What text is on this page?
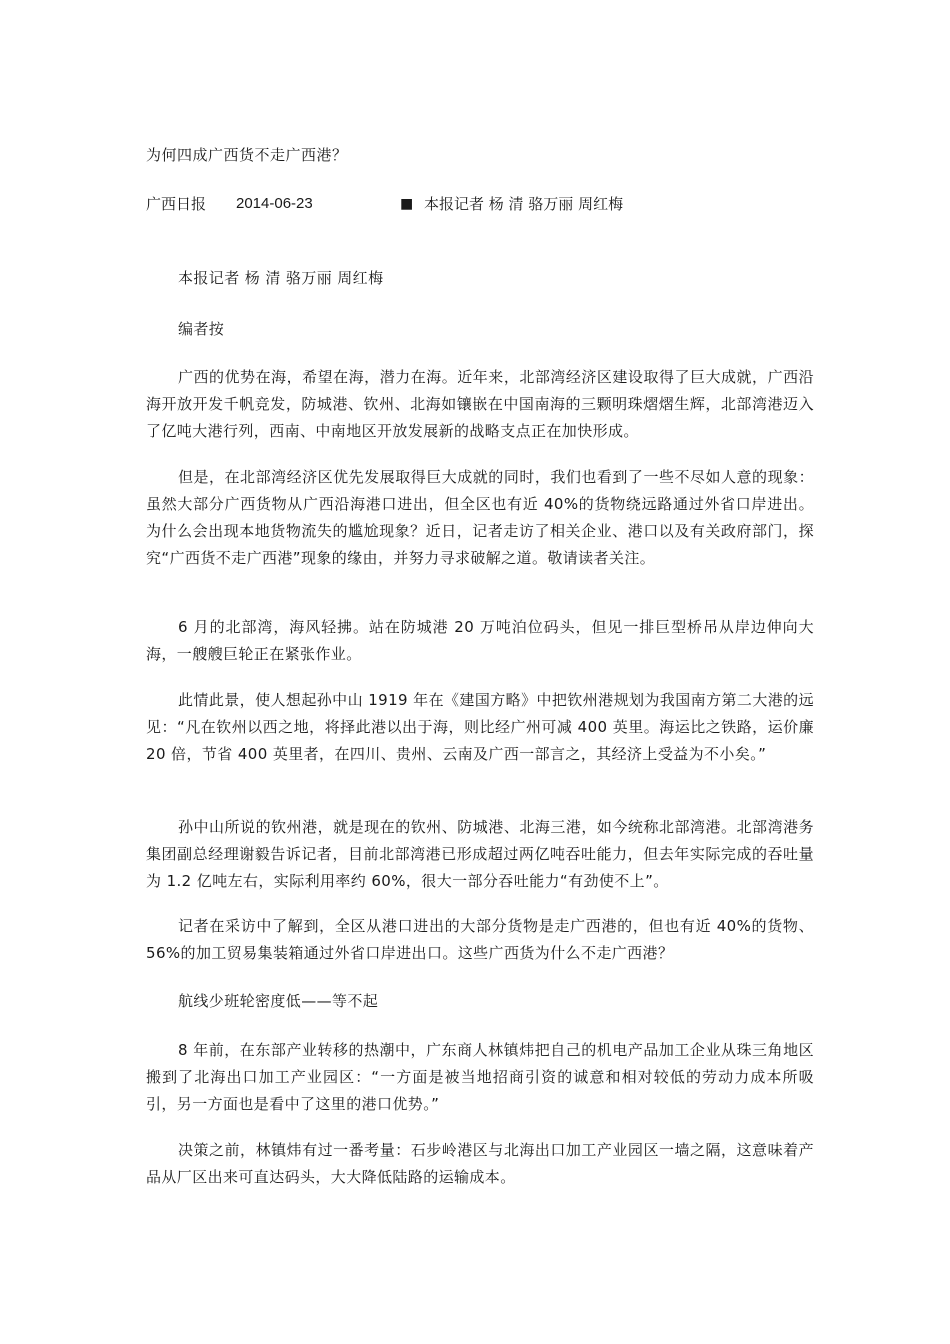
为何四成广西货不走广西港？
广西日报 2014-06-23	■ 本报记者 杨 清 骆万丽 周红梅
本报记者 杨 清 骆万丽 周红梅
编者按
广西的优势在海，希望在海，潜力在海。近年来，北部湾经济区建设取得了巨大成就，广西沿海开放开发千帆竞发，防城港、钦州、北海如镶嵌在中国南海的三颗明珠熠熠生辉，北部湾港迈入了亿吨大港行列，西南、中南地区开放发展新的战略支点正在加快形成。
但是，在北部湾经济区优先发展取得巨大成就的同时，我们也看到了一些不尽如人意的现象：虽然大部分广西货物从广西沿海港口进出，但全区也有近 40%的货物绕远路通过外省口岸进出。为什么会出现本地货物流失的尴尬现象？近日，记者走访了相关企业、港口以及有关政府部门，探究“广西货不走广西港”现象的缘由，并努力寻求破解之道。敬请读者关注。
6 月的北部湾，海风轻拂。站在防城港 20 万吨泊位码头，但见一排巨型桥吊从岸边伸向大海，一艘艘巨轮正在紧张作业。
此情此景，使人想起孙中山 1919 年在《建国方略》中把钦州港规划为我国南方第二大港的远见：“凡在钦州以西之地，将择此港以出于海，则比经广州可减 400 英里。海运比之铁路，运价廉 20 倍，节省 400 英里者，在四川、贵州、云南及广西一部言之，其经济上受益为不小矣。”
孙中山所说的钦州港，就是现在的钦州、防城港、北海三港，如今统称北部湾港。北部湾港务集团副总经理谢毅告诉记者，目前北部湾港已形成超过两亿吨吞吐能力，但去年实际完成的吞吐量为 1.2 亿吨左右，实际利用率约 60%，很大一部分吞吐能力“有劲使不上”。
记者在采访中了解到，全区从港口进出的大部分货物是走广西港的，但也有近 40%的货物、56%的加工贸易集装箱通过外省口岸进出口。这些广西货为什么不走广西港？
航线少班轮密度低——等不起
8 年前，在东部产业转移的热潮中，广东商人林镇炜把自己的机电产品加工企业从珠三角地区搬到了北海出口加工产业园区：“一方面是被当地招商引资的诚意和相对较低的劳动力成本所吸引，另一方面也是看中了这里的港口优势。”
决策之前，林镇炜有过一番考量：石步岭港区与北海出口加工产业园区一墙之隔，这意味着产品从厂区出来可直达码头，大大降低陆路的运输成本。
